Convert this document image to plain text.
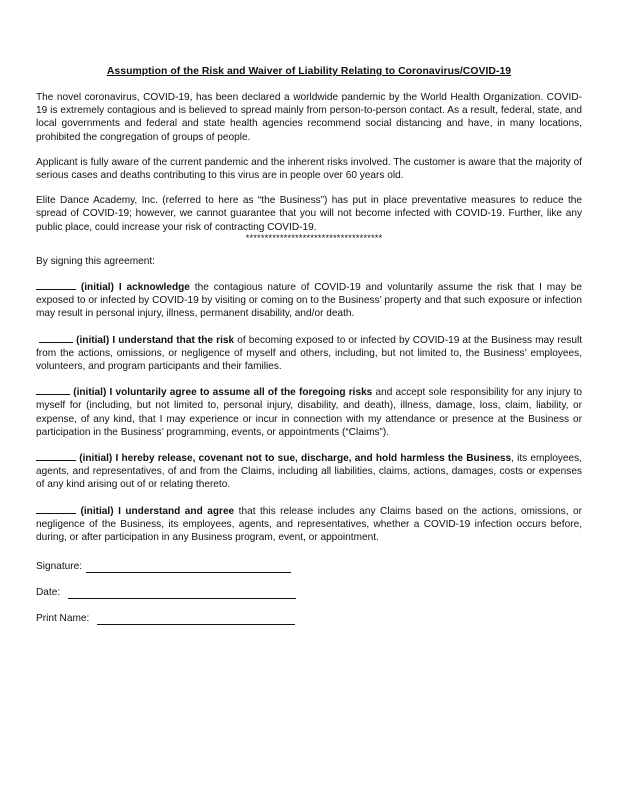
Assumption of the Risk and Waiver of Liability Relating to Coronavirus/COVID-19

The novel coronavirus, COVID-19, has been declared a worldwide pandemic by the World Health Organization. COVID-19 is extremely contagious and is believed to spread mainly from person-to-person contact. As a result, federal, state, and local governments and federal and state health agencies recommend social distancing and have, in many locations, prohibited the congregation of groups of people.

Applicant is fully aware of the current pandemic and the inherent risks involved. The customer is aware that the majority of serious cases and deaths contributing to this virus are in people over 60 years old.

Elite Dance Academy, Inc. (referred to here as “the Business”) has put in place preventative measures to reduce the spread of COVID-19; however, we cannot guarantee that you will not become infected with COVID-19. Further, like any public place, could increase your risk of contracting COVID-19.

************************************

By signing this agreement:

(initial) I acknowledge the contagious nature of COVID-19 and voluntarily assume the risk that I may be exposed to or infected by COVID-19 by visiting or coming on to the Business’ property and that such exposure or infection may result in personal injury, illness, permanent disability, and/or death.

(initial) I understand that the risk of becoming exposed to or infected by COVID-19 at the Business may result from the actions, omissions, or negligence of myself and others, including, but not limited to, the Business’ employees, volunteers, and program participants and their families.

(initial) I voluntarily agree to assume all of the foregoing risks and accept sole responsibility for any injury to myself for (including, but not limited to, personal injury, disability, and death), illness, damage, loss, claim, liability, or expense, of any kind, that I may experience or incur in connection with my attendance or presence at the Business or participation in the Business’ programming, events, or appointments (“Claims”).

(initial) I hereby release, covenant not to sue, discharge, and hold harmless the Business, its employees, agents, and representatives, of and from the Claims, including all liabilities, claims, actions, damages, costs or expenses of any kind arising out of or relating thereto.

(initial) I understand and agree that this release includes any Claims based on the actions, omissions, or negligence of the Business, its employees, agents, and representatives, whether a COVID-19 infection occurs before, during, or after participation in any Business program, event, or appointment.

Signature:
Date:
Print Name:
